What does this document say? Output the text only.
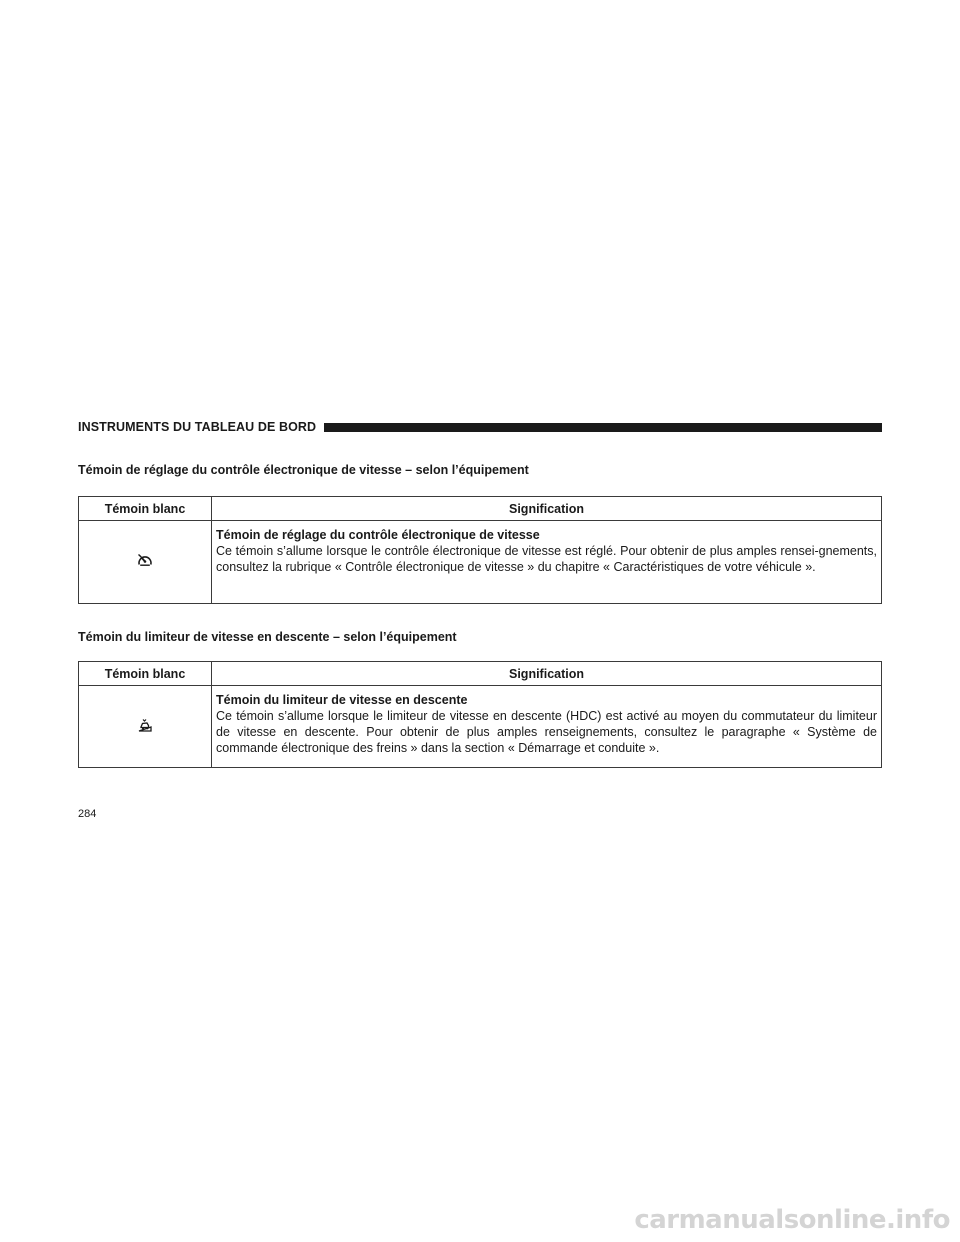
INSTRUMENTS DU TABLEAU DE BORD
Témoin de réglage du contrôle électronique de vitesse – selon l’équipement
Témoin blanc	Signification

Témoin de réglage du contrôle électronique de vitesse
Ce témoin s’allume lorsque le contrôle électronique de vitesse est réglé. Pour obtenir de plus amples rensei-gnements, consultez la rubrique « Contrôle électronique de vitesse » du chapitre « Caractéristiques de votre véhicule ».
Témoin du limiteur de vitesse en descente – selon l’équipement
Témoin blanc	Signification

Témoin du limiteur de vitesse en descente
Ce témoin s’allume lorsque le limiteur de vitesse en descente (HDC) est activé au moyen du commutateur du limiteur de vitesse en descente. Pour obtenir de plus amples renseignements, consultez le paragraphe « Système de commande électronique des freins » dans la section « Démarrage et conduite ».
284
carmanualsonline.info
